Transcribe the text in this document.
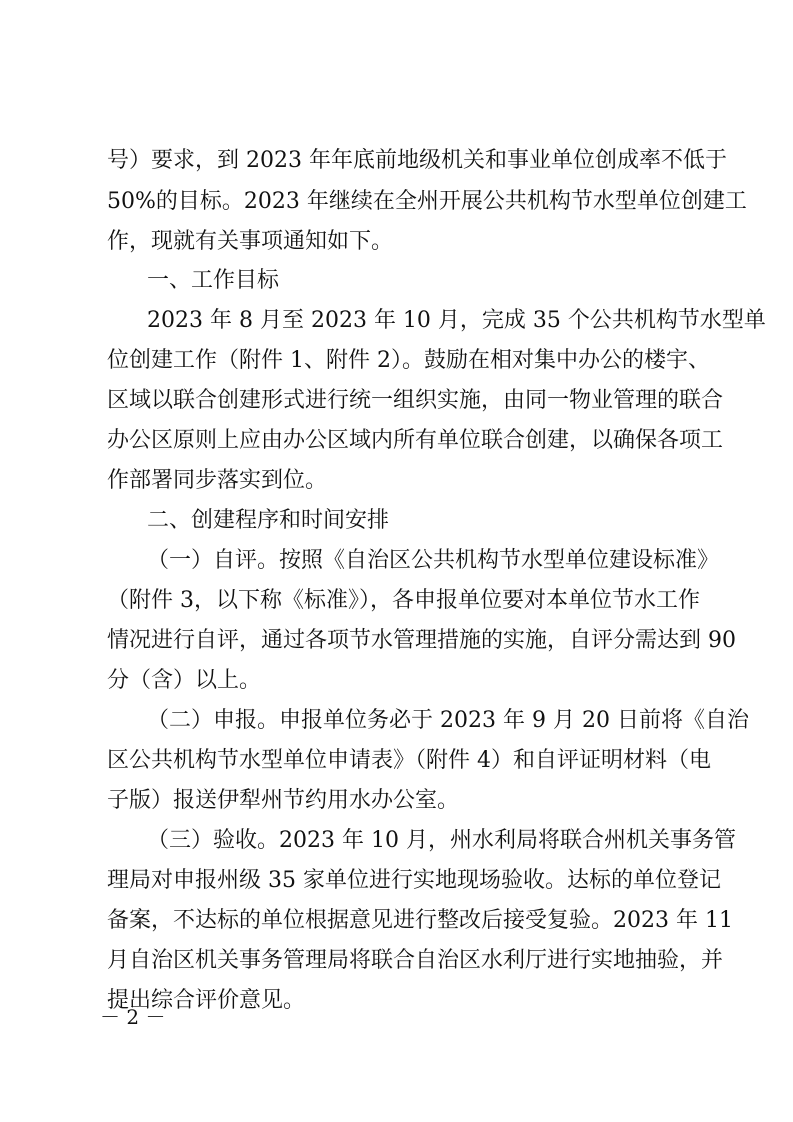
号）要求，到 2023 年年底前地级机关和事业单位创成率不低于
50%的目标。2023 年继续在全州开展公共机构节水型单位创建工
作，现就有关事项通知如下。
一、工作目标
2023 年 8 月至 2023 年 10 月，完成 35 个公共机构节水型单
位创建工作（附件 1、附件 2）。鼓励在相对集中办公的楼宇、
区域以联合创建形式进行统一组织实施，由同一物业管理的联合
办公区原则上应由办公区域内所有单位联合创建，以确保各项工
作部署同步落实到位。
二、创建程序和时间安排
（一）自评。按照《自治区公共机构节水型单位建设标准》
（附件 3，以下称《标准》），各申报单位要对本单位节水工作
情况进行自评，通过各项节水管理措施的实施，自评分需达到 90
分（含）以上。
（二）申报。申报单位务必于 2023 年 9 月 20 日前将《自治
区公共机构节水型单位申请表》（附件 4）和自评证明材料（电
子版）报送伊犁州节约用水办公室。
（三）验收。2023 年 10 月，州水利局将联合州机关事务管
理局对申报州级 35 家单位进行实地现场验收。达标的单位登记
备案，不达标的单位根据意见进行整改后接受复验。2023 年 11
月自治区机关事务管理局将联合自治区水利厅进行实地抽验，并
提出综合评价意见。
－ 2 －
